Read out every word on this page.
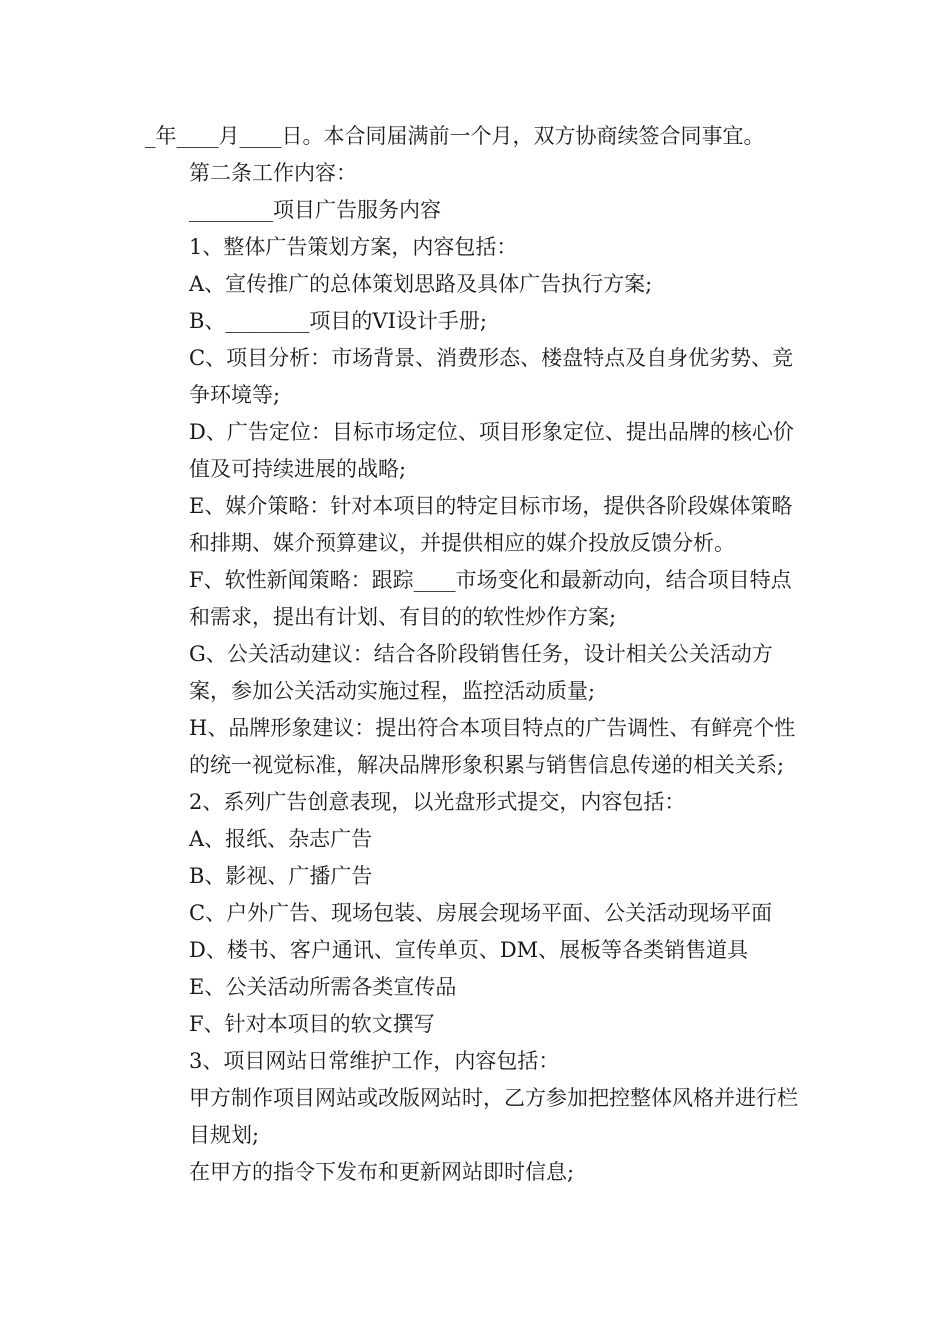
_年____月____日。本合同届满前一个月，双方协商续签合同事宜。

第二条工作内容：

________项目广告服务内容

1、整体广告策划方案，内容包括：

A、宣传推广的总体策划思路及具体广告执行方案;

B、________项目的VI设计手册;

C、项目分析：市场背景、消费形态、楼盘特点及自身优劣势、竞争环境等;

D、广告定位：目标市场定位、项目形象定位、提出品牌的核心价值及可持续进展的战略;

E、媒介策略：针对本项目的特定目标市场，提供各阶段媒体策略和排期、媒介预算建议，并提供相应的媒介投放反馈分析。

F、软性新闻策略：跟踪____市场变化和最新动向，结合项目特点和需求，提出有计划、有目的的软性炒作方案;

G、公关活动建议：结合各阶段销售任务，设计相关公关活动方案，参加公关活动实施过程，监控活动质量;

H、品牌形象建议：提出符合本项目特点的广告调性、有鲜亮个性的统一视觉标准，解决品牌形象积累与销售信息传递的相关关系;

2、系列广告创意表现，以光盘形式提交，内容包括：

A、报纸、杂志广告

B、影视、广播广告

C、户外广告、现场包装、房展会现场平面、公关活动现场平面

D、楼书、客户通讯、宣传单页、DM、展板等各类销售道具

E、公关活动所需各类宣传品

F、针对本项目的软文撰写

3、项目网站日常维护工作，内容包括：

甲方制作项目网站或改版网站时，乙方参加把控整体风格并进行栏目规划;

在甲方的指令下发布和更新网站即时信息;
